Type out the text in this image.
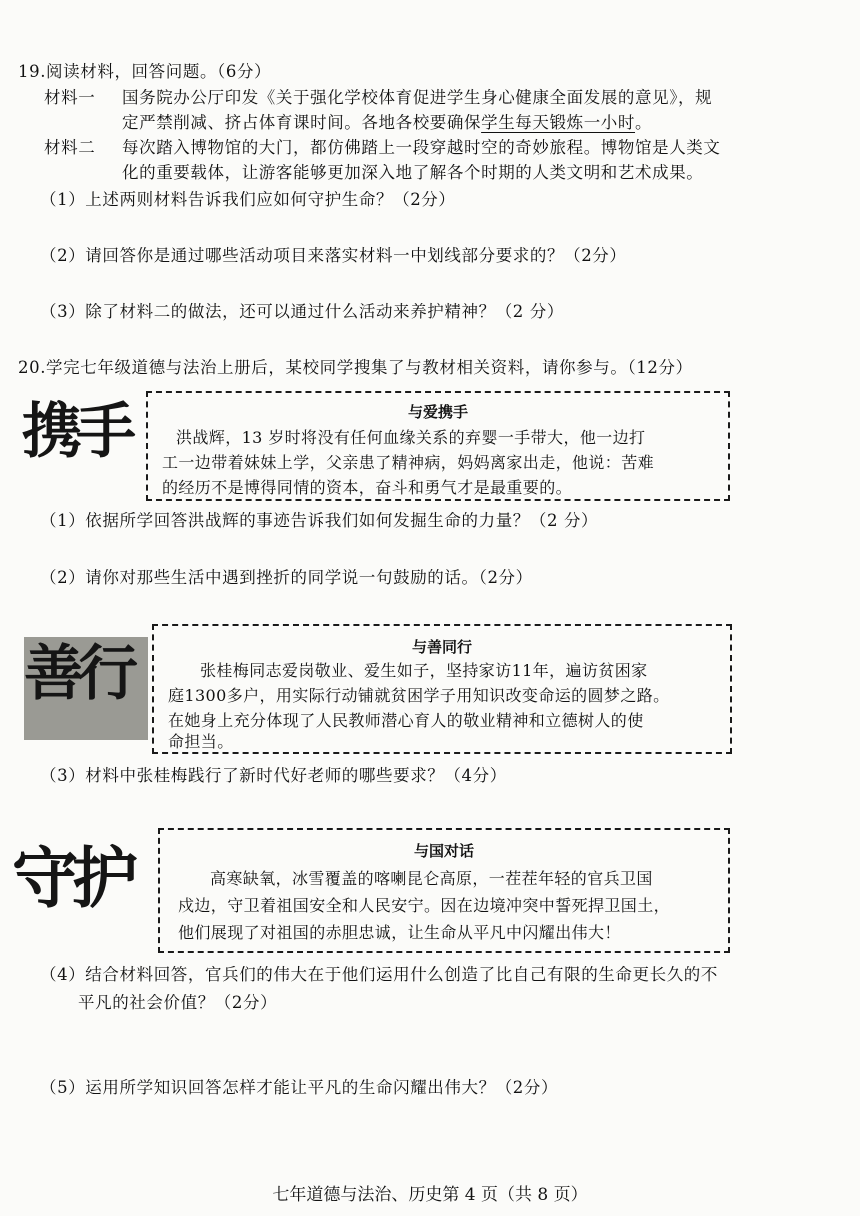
19.阅读材料，回答问题。（6分）
材料一 国务院办公厅印发《关于强化学校体育促进学生身心健康全面发展的意见》，规
定严禁削减、挤占体育课时间。各地各校要确保学生每天锻炼一小时。
材料二 每次踏入博物馆的大门，都仿佛踏上一段穿越时空的奇妙旅程。博物馆是人类文
化的重要载体，让游客能够更加深入地了解各个时期的人类文明和艺术成果。
（1）上述两则材料告诉我们应如何守护生命？（2分）
（2）请回答你是通过哪些活动项目来落实材料一中划线部分要求的？（2分）
（3）除了材料二的做法，还可以通过什么活动来养护精神？（2 分）
20.学完七年级道德与法治上册后，某校同学搜集了与教材相关资料，请你参与。（12分）
携手	与爱携手
洪战辉，13 岁时将没有任何血缘关系的弃婴一手带大，他一边打
工一边带着妹妹上学，父亲患了精神病，妈妈离家出走，他说：苦难
的经历不是博得同情的资本，奋斗和勇气才是最重要的。
（1）依据所学回答洪战辉的事迹告诉我们如何发掘生命的力量？（2 分）
（2）请你对那些生活中遇到挫折的同学说一句鼓励的话。（2分）
善行	与善同行
张桂梅同志爱岗敬业、爱生如子，坚持家访11年，遍访贫困家
庭1300多户，用实际行动铺就贫困学子用知识改变命运的圆梦之路。
在她身上充分体现了人民教师潜心育人的敬业精神和立德树人的使
命担当。
（3）材料中张桂梅践行了新时代好老师的哪些要求？（4分）
守护	与国对话
高寒缺氧，冰雪覆盖的喀喇昆仑高原，一茬茬年轻的官兵卫国
戍边，守卫着祖国安全和人民安宁。因在边境冲突中誓死捍卫国土，
他们展现了对祖国的赤胆忠诚，让生命从平凡中闪耀出伟大！
（4）结合材料回答，官兵们的伟大在于他们运用什么创造了比自己有限的生命更长久的不
平凡的社会价值？（2分）
（5）运用所学知识回答怎样才能让平凡的生命闪耀出伟大？（2分）
七年道德与法治、历史第 4 页（共 8 页）
